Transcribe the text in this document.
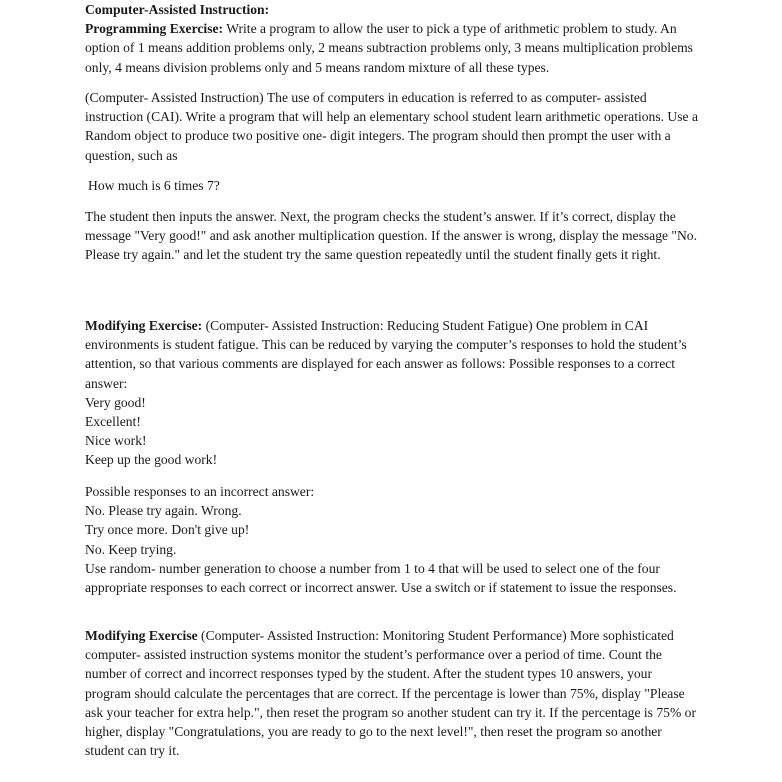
Computer-Assisted Instruction:

Programming Exercise: Write a program to allow the user to pick a type of arithmetic problem to study. An option of 1 means addition problems only, 2 means subtraction problems only, 3 means multiplication problems only, 4 means division problems only and 5 means random mixture of all these types.

(Computer- Assisted Instruction) The use of computers in education is referred to as computer- assisted instruction (CAI). Write a program that will help an elementary school student learn arithmetic operations. Use a Random object to produce two positive one- digit integers. The program should then prompt the user with a question, such as

How much is 6 times 7?

The student then inputs the answer. Next, the program checks the student’s answer. If it’s correct, display the message "Very good!" and ask another multiplication question. If the answer is wrong, display the message "No. Please try again." and let the student try the same question repeatedly until the student finally gets it right.

Modifying Exercise: (Computer- Assisted Instruction: Reducing Student Fatigue) One problem in CAI environments is student fatigue. This can be reduced by varying the computer’s responses to hold the student’s attention, so that various comments are displayed for each answer as follows: Possible responses to a correct answer:

Very good!
Excellent!
Nice work!
Keep up the good work!
Possible responses to an incorrect answer:
No. Please try again. Wrong.
Try once more. Don't give up!
No. Keep trying.

Use random- number generation to choose a number from 1 to 4 that will be used to select one of the four appropriate responses to each correct or incorrect answer. Use a switch or if statement to issue the responses.

Modifying Exercise (Computer- Assisted Instruction: Monitoring Student Performance) More sophisticated computer- assisted instruction systems monitor the student’s performance over a period of time. Count the number of correct and incorrect responses typed by the student. After the student types 10 answers, your program should calculate the percentages that are correct. If the percentage is lower than 75%, display "Please ask your teacher for extra help.", then reset the program so another student can try it. If the percentage is 75% or higher, display "Congratulations, you are ready to go to the next level!", then reset the program so another student can try it.
